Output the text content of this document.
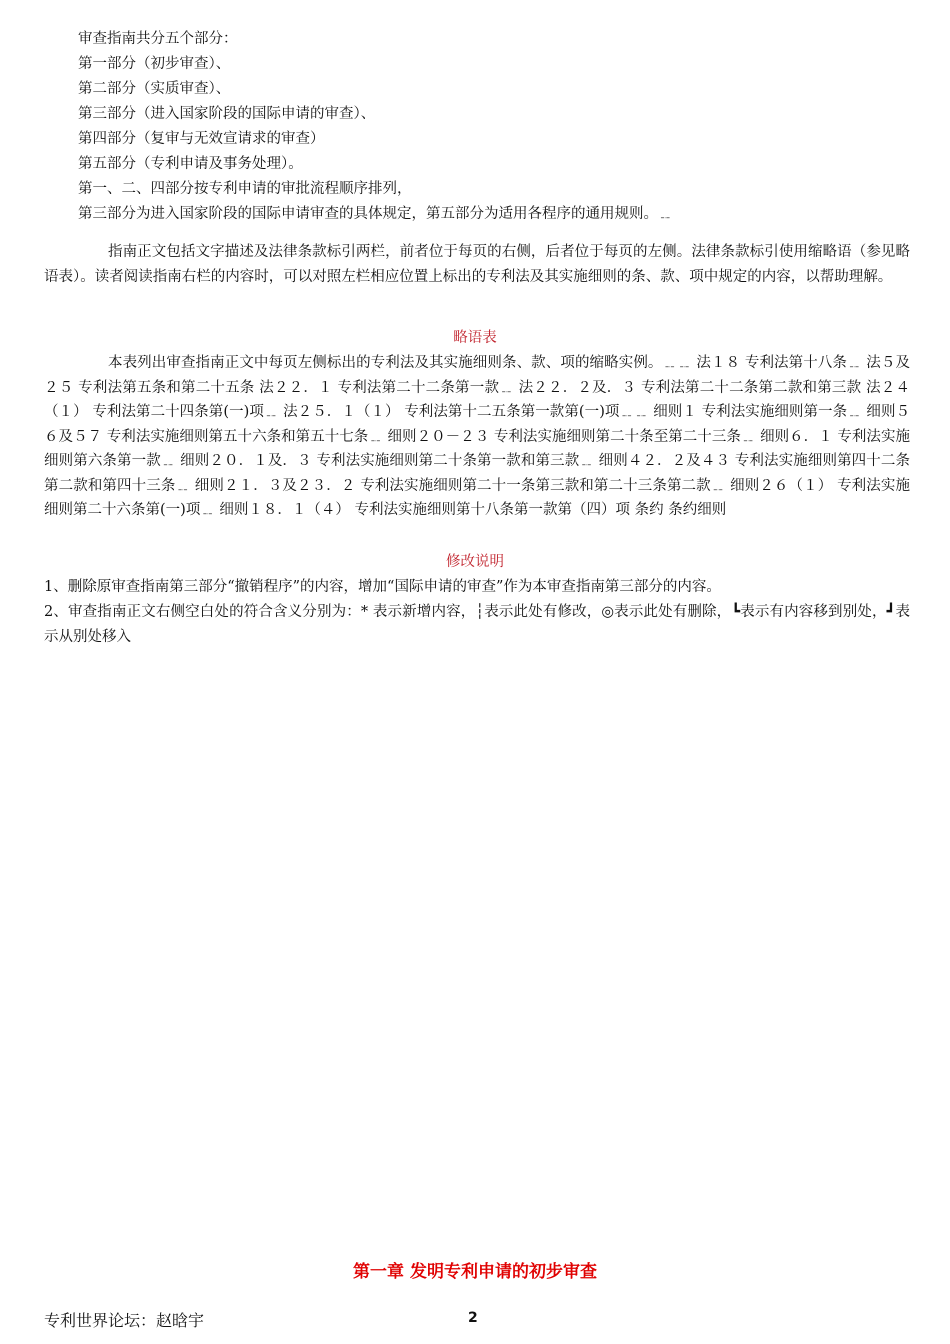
审查指南共分五个部分：
第一部分（初步审查）、
第二部分（实质审查）、
第三部分（进入国家阶段的国际申请的审查）、
第四部分（复审与无效宣请求的审查）
第五部分（专利申请及事务处理）。
第一、二、四部分按专利申请的审批流程顺序排列，
第三部分为进入国家阶段的国际申请审查的具体规定，第五部分为适用各程序的通用规则。﹎

指南正文包括文字描述及法律条款标引两栏，前者位于每页的右侧，后者位于每页的左侧。法律条款标引使用缩略语（参见略语表）。读者阅读指南右栏的内容时，可以对照左栏相应位置上标出的专利法及其实施细则的条、款、项中规定的内容，以帮助理解。

略语表

本表列出审查指南正文中每页左侧标出的专利法及其实施细则条、款、项的缩略实例。﹎﹎ 法１８ 专利法第十八条﹎ 法５及２５ 专利法第五条和第二十五条 法２２．１ 专利法第二十二条第一款﹎ 法２２．２及．３ 专利法第二十二条第二款和第三款 法２４（１） 专利法第二十四条第(一)项﹎ 法２５．１（１） 专利法第十二五条第一款第(一)项﹎﹎ 细则１ 专利法实施细则第一条﹎ 细则５６及５７ 专利法实施细则第五十六条和第五十七条﹎ 细则２０－２３ 专利法实施细则第二十条至第二十三条﹎ 细则６．１ 专利法实施细则第六条第一款﹎ 细则２０．１及．３ 专利法实施细则第二十条第一款和第三款﹎ 细则４２．２及４３ 专利法实施细则第四十二条第二款和第四十三条﹎ 细则２１．３及２３．２ 专利法实施细则第二十一条第三款和第二十三条第二款﹎ 细则２６（１） 专利法实施细则第二十六条第(一)项﹎ 细则１８．１（４） 专利法实施细则第十八条第一款第（四）项 条约 条约细则

修改说明

1、删除原审查指南第三部分“撤销程序”的内容，增加“国际申请的审查”作为本审查指南第三部分的内容。

2、审查指南正文右侧空白处的符合含义分别为：* 表示新增内容，┆表示此处有修改，◎表示此处有删除，┗表示有内容移到别处，┛表示从别处移入

第一章 发明专利申请的初步审查
专利世界论坛：赵晗宇	2
